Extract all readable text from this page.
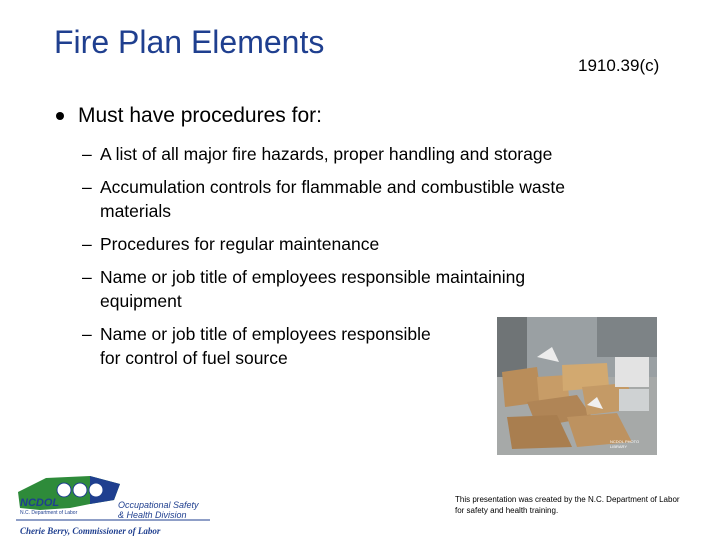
Fire Plan Elements
1910.39(c)
Must have procedures for:
– A list of all major fire hazards, proper handling and storage
– Accumulation controls for flammable and combustible waste
materials
– Procedures for regular maintenance
– Name or job title of employees responsible maintaining
equipment
– Name or job title of employees responsible
for control of fuel source
NCDOL PHOTO LIBRARY
This presentation was created by the N.C. Department of Labor for safety and health training.
NCDOL
N.C. Department of Labor
Occupational Safety
& Health Division
Cherie Berry, Commissioner of Labor
